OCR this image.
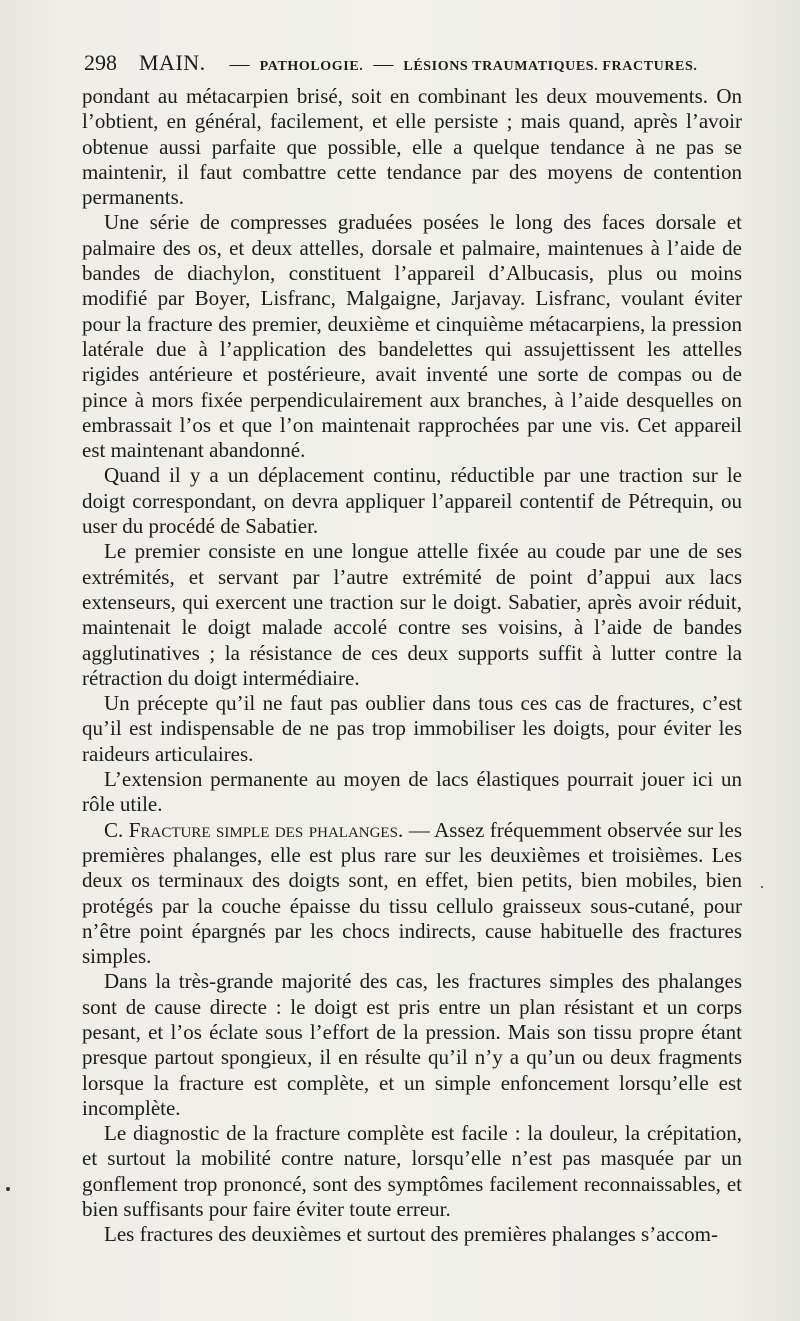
298 MAIN. — PATHOLOGIE. — LÉSIONS TRAUMATIQUES. FRACTURES.

pondant au métacarpien brisé, soit en combinant les deux mouvements. On l’obtient, en général, facilement, et elle persiste ; mais quand, après l’avoir obtenue aussi parfaite que possible, elle a quelque tendance à ne pas se maintenir, il faut combattre cette tendance par des moyens de contention permanents.

Une série de compresses graduées posées le long des faces dorsale et palmaire des os, et deux attelles, dorsale et palmaire, maintenues à l’aide de bandes de diachylon, constituent l’appareil d’Albucasis, plus ou moins modifié par Boyer, Lisfranc, Malgaigne, Jarjavay. Lisfranc, voulant éviter pour la fracture des premier, deuxième et cinquième métacarpiens, la pression latérale due à l’application des bandelettes qui assujettissent les attelles rigides antérieure et postérieure, avait inventé une sorte de compas ou de pince à mors fixée perpendiculairement aux branches, à l’aide desquelles on embrassait l’os et que l’on maintenait rapprochées par une vis. Cet appareil est maintenant abandonné.

Quand il y a un déplacement continu, réductible par une traction sur le doigt correspondant, on devra appliquer l’appareil contentif de Pétrequin, ou user du procédé de Sabatier.

Le premier consiste en une longue attelle fixée au coude par une de ses extrémités, et servant par l’autre extrémité de point d’appui aux lacs extenseurs, qui exercent une traction sur le doigt. Sabatier, après avoir réduit, maintenait le doigt malade accolé contre ses voisins, à l’aide de bandes agglutinatives ; la résistance de ces deux supports suffit à lutter contre la rétraction du doigt intermédiaire.

Un précepte qu’il ne faut pas oublier dans tous ces cas de fractures, c’est qu’il est indispensable de ne pas trop immobiliser les doigts, pour éviter les raideurs articulaires.

L’extension permanente au moyen de lacs élastiques pourrait jouer ici un rôle utile.

C. Fracture simple des phalanges. — Assez fréquemment observée sur les premières phalanges, elle est plus rare sur les deuxièmes et troisièmes. Les deux os terminaux des doigts sont, en effet, bien petits, bien mobiles, bien protégés par la couche épaisse du tissu cellulo graisseux sous-cutané, pour n’être point épargnés par les chocs indirects, cause habituelle des fractures simples.

Dans la très-grande majorité des cas, les fractures simples des phalanges sont de cause directe : le doigt est pris entre un plan résistant et un corps pesant, et l’os éclate sous l’effort de la pression. Mais son tissu propre étant presque partout spongieux, il en résulte qu’il n’y a qu’un ou deux fragments lorsque la fracture est complète, et un simple enfoncement lorsqu’elle est incomplète.

Le diagnostic de la fracture complète est facile : la douleur, la crépitation, et surtout la mobilité contre nature, lorsqu’elle n’est pas masquée par un gonflement trop prononcé, sont des symptômes facilement reconnaissables, et bien suffisants pour faire éviter toute erreur.

Les fractures des deuxièmes et surtout des premières phalanges s’accom-
